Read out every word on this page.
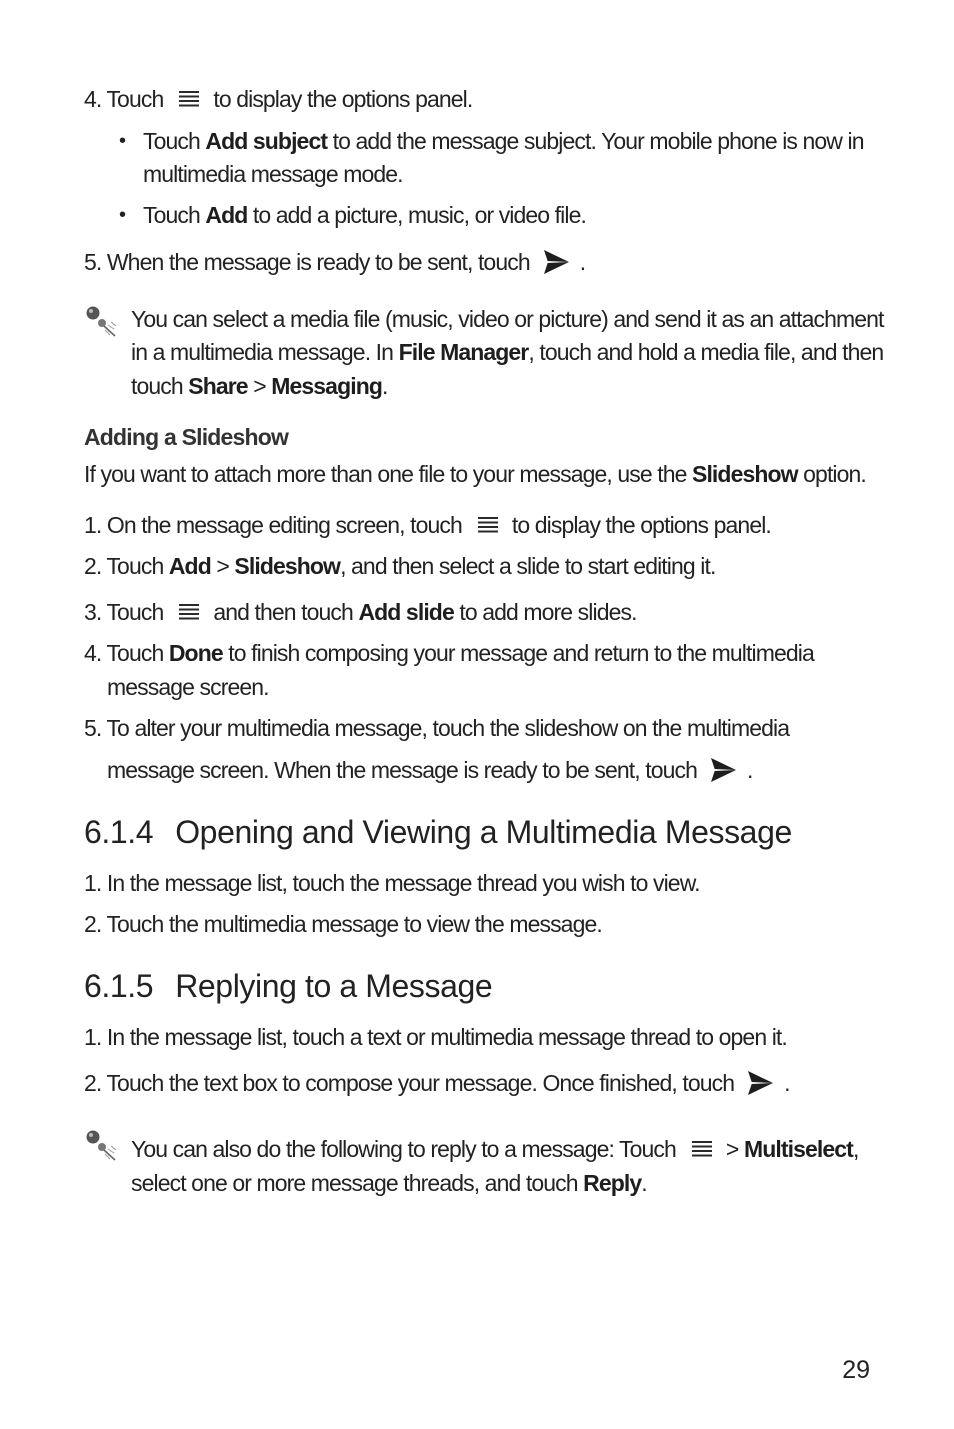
4. Touch to display the options panel.
• Touch Add subject to add the message subject. Your mobile phone is now in
multimedia message mode.
• Touch Add to add a picture, music, or video file.
5. When the message is ready to be sent, touch .
You can select a media file (music, video or picture) and send it as an attachment
in a multimedia message. In File Manager, touch and hold a media file, and then
touch Share > Messaging.
Adding a Slideshow
If you want to attach more than one file to your message, use the Slideshow option.
1. On the message editing screen, touch to display the options panel.
2. Touch Add > Slideshow, and then select a slide to start editing it.
3. Touch and then touch Add slide to add more slides.
4. Touch Done to finish composing your message and return to the multimedia
message screen.
5. To alter your multimedia message, touch the slideshow on the multimedia
message screen. When the message is ready to be sent, touch .
6.1.4 Opening and Viewing a Multimedia Message
1. In the message list, touch the message thread you wish to view.
2. Touch the multimedia message to view the message.
6.1.5 Replying to a Message
1. In the message list, touch a text or multimedia message thread to open it.
2. Touch the text box to compose your message. Once finished, touch .
You can also do the following to reply to a message: Touch > Multiselect,
select one or more message threads, and touch Reply.
29
